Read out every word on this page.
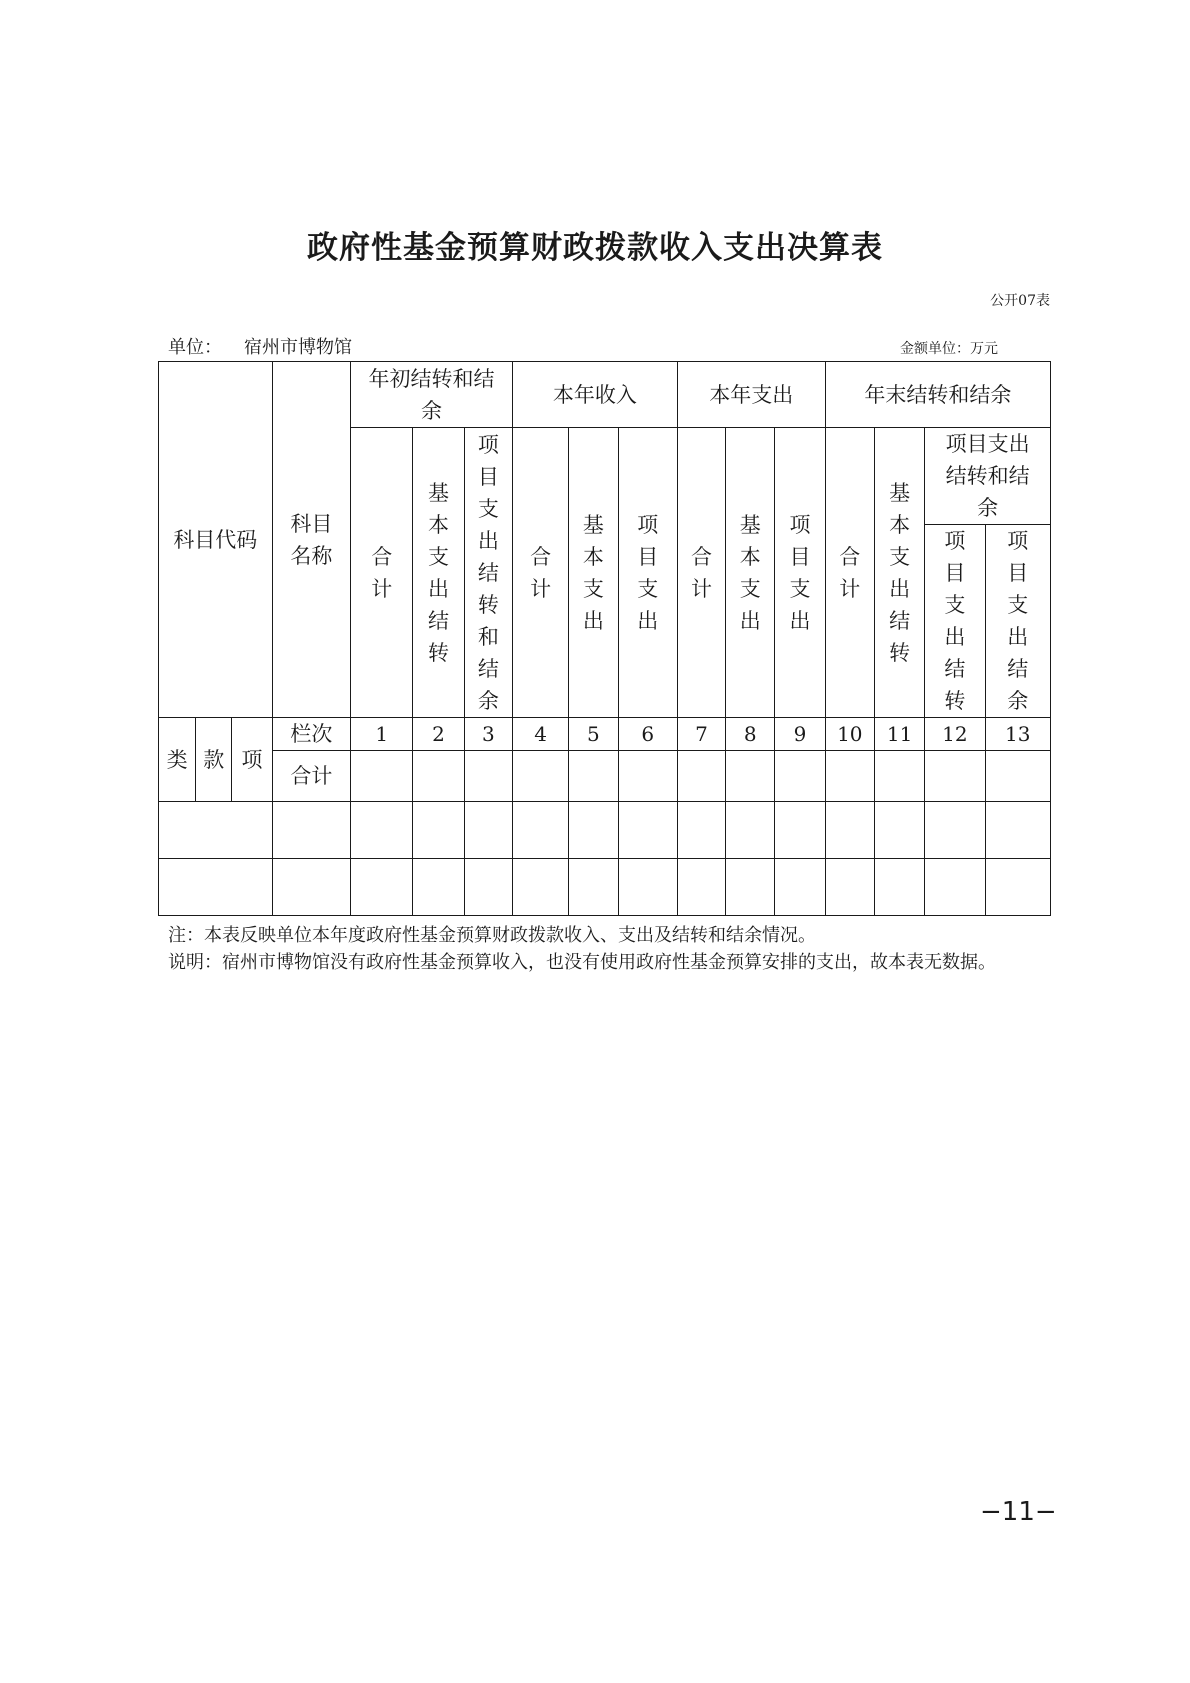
政府性基金预算财政拨款收入支出决算表
公开07表
单位： 宿州市博物馆	金额单位：万元
科目代码			科目名称	年初结转和结余			本年收入			本年支出			年末结转和结余			
				合计	基本支出结转	项目支出结转和结余	合计	基本支出	项目支出	合计	基本支出	项目支出	合计	基本支出结转	项目支出结转和结余	
															项目支出结转	项目支出结余
类	款	项	栏次	1	2	3	4	5	6	7	8	9	10	11	12	13
			合计													

注：本表反映单位本年度政府性基金预算财政拨款收入、支出及结转和结余情况。
说明：宿州市博物馆没有政府性基金预算收入，也没有使用政府性基金预算安排的支出，故本表无数据。
−11−
